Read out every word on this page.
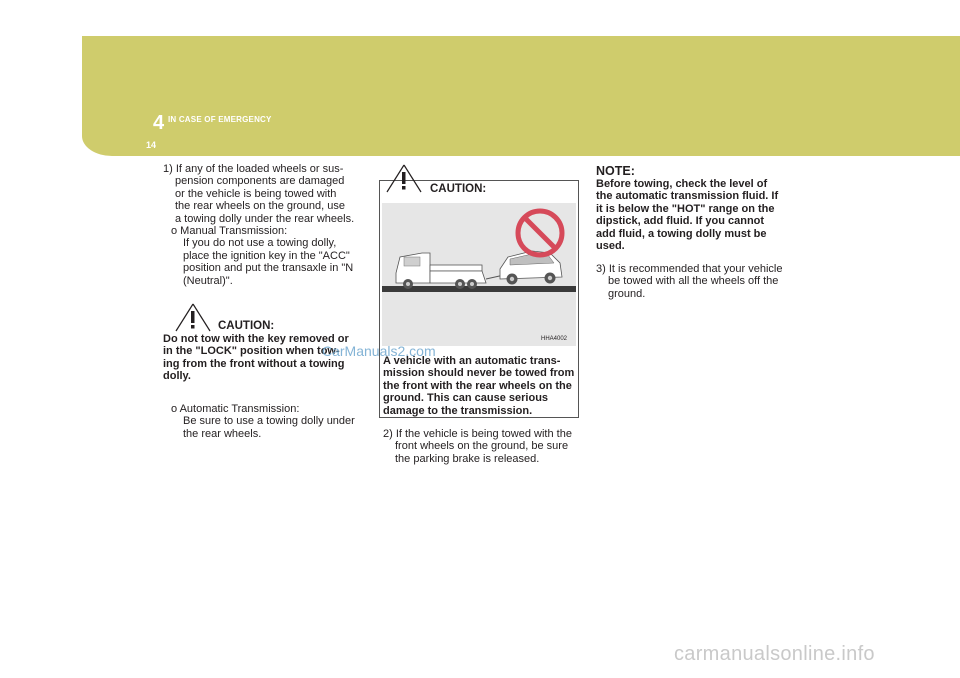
4 IN CASE OF EMERGENCY
14
1) If any of the loaded wheels or sus-
pension components are damaged
or the vehicle is being towed with
the rear wheels on the ground, use
a towing dolly under the rear wheels.
o Manual Transmission:
If you do not use a towing dolly,
place the ignition key in the "ACC"
position and put the transaxle in "N
(Neutral)".
CAUTION:
Do not tow with the key removed or
in the "LOCK" position when tow-
ing from the front without a towing
dolly.
o Automatic Transmission:
Be sure to use a towing dolly under
the rear wheels.
CAUTION:
HHA4002
A vehicle with an automatic trans-
mission should never be towed from
the front with the rear wheels on the
ground. This can cause serious
damage to the transmission.
2) If the vehicle is being towed with the
front wheels on the ground, be sure
the parking brake is released.
NOTE:
Before towing, check the level of
the automatic transmission fluid. If
it is below the "HOT" range on the
dipstick, add fluid. If you cannot
add fluid, a towing dolly must be
used.
3) It is recommended that your vehicle
be towed with all the wheels off the
ground.
CarManuals2.com
carmanualsonline.info
